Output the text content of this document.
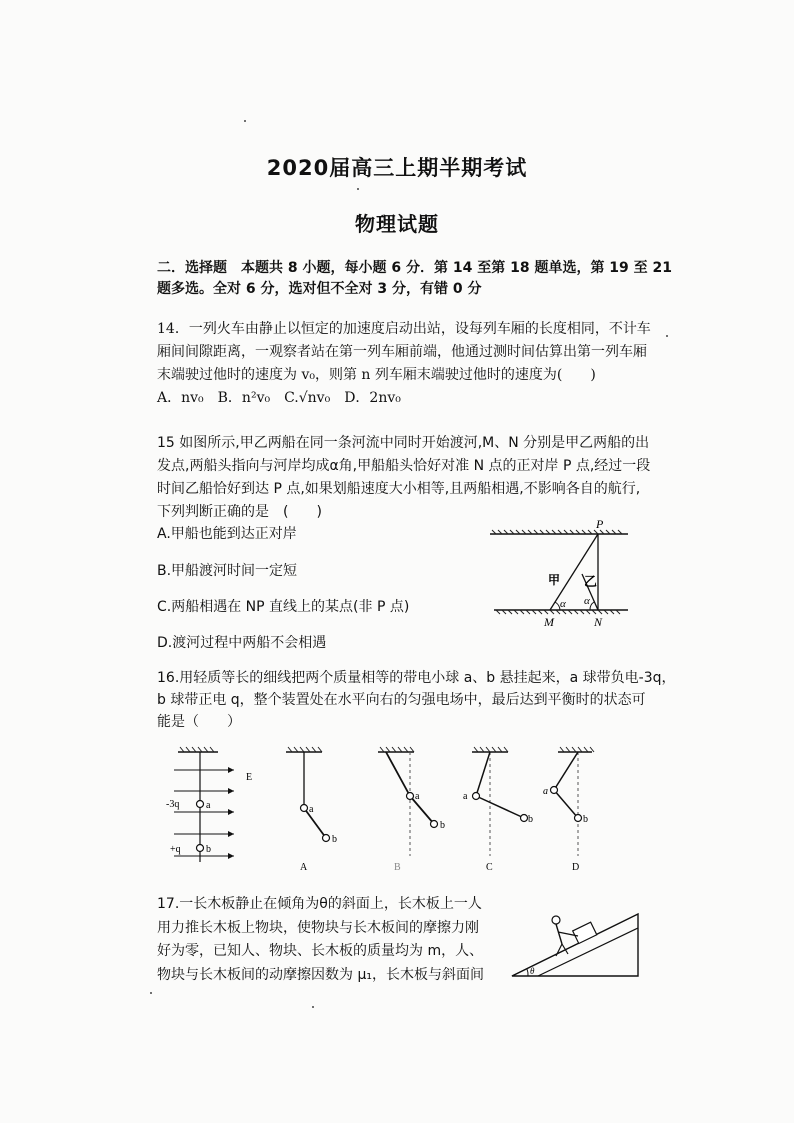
2020届高三上期半期考试
物理试题
二．选择题　本题共 8 小题，每小题 6 分．第 14 至第 18 题单选，第 19 至 21
题多选。全对 6 分，选对但不全对 3 分，有错 0 分
14．一列火车由静止以恒定的加速度启动出站，设每列车厢的长度相同，不计车
厢间间隙距离，一观察者站在第一列车厢前端，他通过测时间估算出第一列车厢
末端驶过他时的速度为 v₀，则第 n 列车厢末端驶过他时的速度为(　　)
A．nv₀　B．n²v₀　C.√nv₀　D．2nv₀
15 如图所示,甲乙两船在同一条河流中同时开始渡河,M、N 分别是甲乙两船的出
发点,两船头指向与河岸均成α角,甲船船头恰好对准 N 点的正对岸 P 点,经过一段
时间乙船恰好到达 P 点,如果划船速度大小相等,且两船相遇,不影响各自的航行,
下列判断正确的是　(　　)
A.甲船也能到达正对岸
B.甲船渡河时间一定短
C.两船相遇在 NP 直线上的某点(非 P 点)
D.渡河过程中两船不会相遇
P
M	N
甲 乙
α α
16.用轻质等长的细线把两个质量相等的带电小球 a、b 悬挂起来，a 球带负电-3q，
b 球带正电 q，整个装置处在水平向右的匀强电场中，最后达到平衡时的状态可
能是（　　）
E
-3q	a
+q	b
a
b
A
a
b
B
a
b
C
a
b
D
17.一长木板静止在倾角为θ的斜面上，长木板上一人
用力推长木板上物块，使物块与长木板间的摩擦力刚
好为零，已知人、物块、长木板的质量均为 m，人、
物块与长木板间的动摩擦因数为 μ₁，长木板与斜面间	θ
